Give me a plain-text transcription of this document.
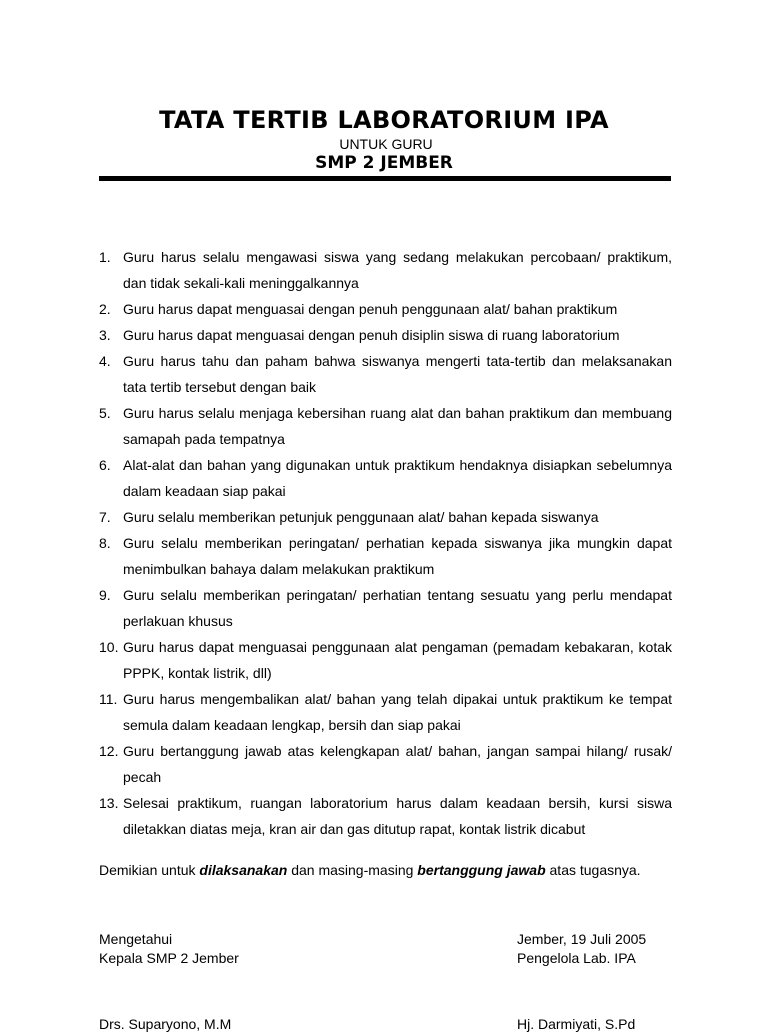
TATA TERTIB LABORATORIUM IPA
UNTUK GURU
SMP 2 JEMBER
1. Guru harus selalu mengawasi siswa yang sedang melakukan percobaan/ praktikum, dan tidak sekali-kali meninggalkannya
2. Guru harus dapat menguasai dengan penuh penggunaan alat/ bahan praktikum
3. Guru harus dapat menguasai dengan penuh disiplin siswa di ruang laboratorium
4. Guru harus tahu dan paham bahwa siswanya mengerti tata-tertib dan melaksanakan tata tertib tersebut dengan baik
5. Guru harus selalu menjaga kebersihan ruang alat dan bahan praktikum dan membuang samapah pada tempatnya
6. Alat-alat dan bahan yang digunakan untuk praktikum hendaknya disiapkan sebelumnya dalam keadaan siap pakai
7. Guru selalu memberikan petunjuk penggunaan alat/ bahan kepada siswanya
8. Guru selalu memberikan peringatan/ perhatian kepada siswanya jika mungkin dapat menimbulkan bahaya dalam melakukan praktikum
9. Guru selalu memberikan peringatan/ perhatian tentang sesuatu yang perlu mendapat perlakuan khusus
10. Guru harus dapat menguasai penggunaan alat pengaman (pemadam kebakaran, kotak PPPK, kontak listrik, dll)
11. Guru harus mengembalikan alat/ bahan yang telah dipakai untuk praktikum ke tempat semula dalam keadaan lengkap, bersih dan siap pakai
12. Guru bertanggung jawab atas kelengkapan alat/ bahan, jangan sampai hilang/ rusak/ pecah
13. Selesai praktikum, ruangan laboratorium harus dalam keadaan bersih, kursi siswa diletakkan diatas meja, kran air dan gas ditutup rapat, kontak listrik dicabut

Demikian untuk dilaksanakan dan masing-masing bertanggung jawab atas tugasnya.

Mengetahui
Kepala SMP 2 Jember
Jember, 19 Juli 2005
Pengelola Lab. IPA
Drs. Suparyono, M.M	Hj. Darmiyati, S.Pd
